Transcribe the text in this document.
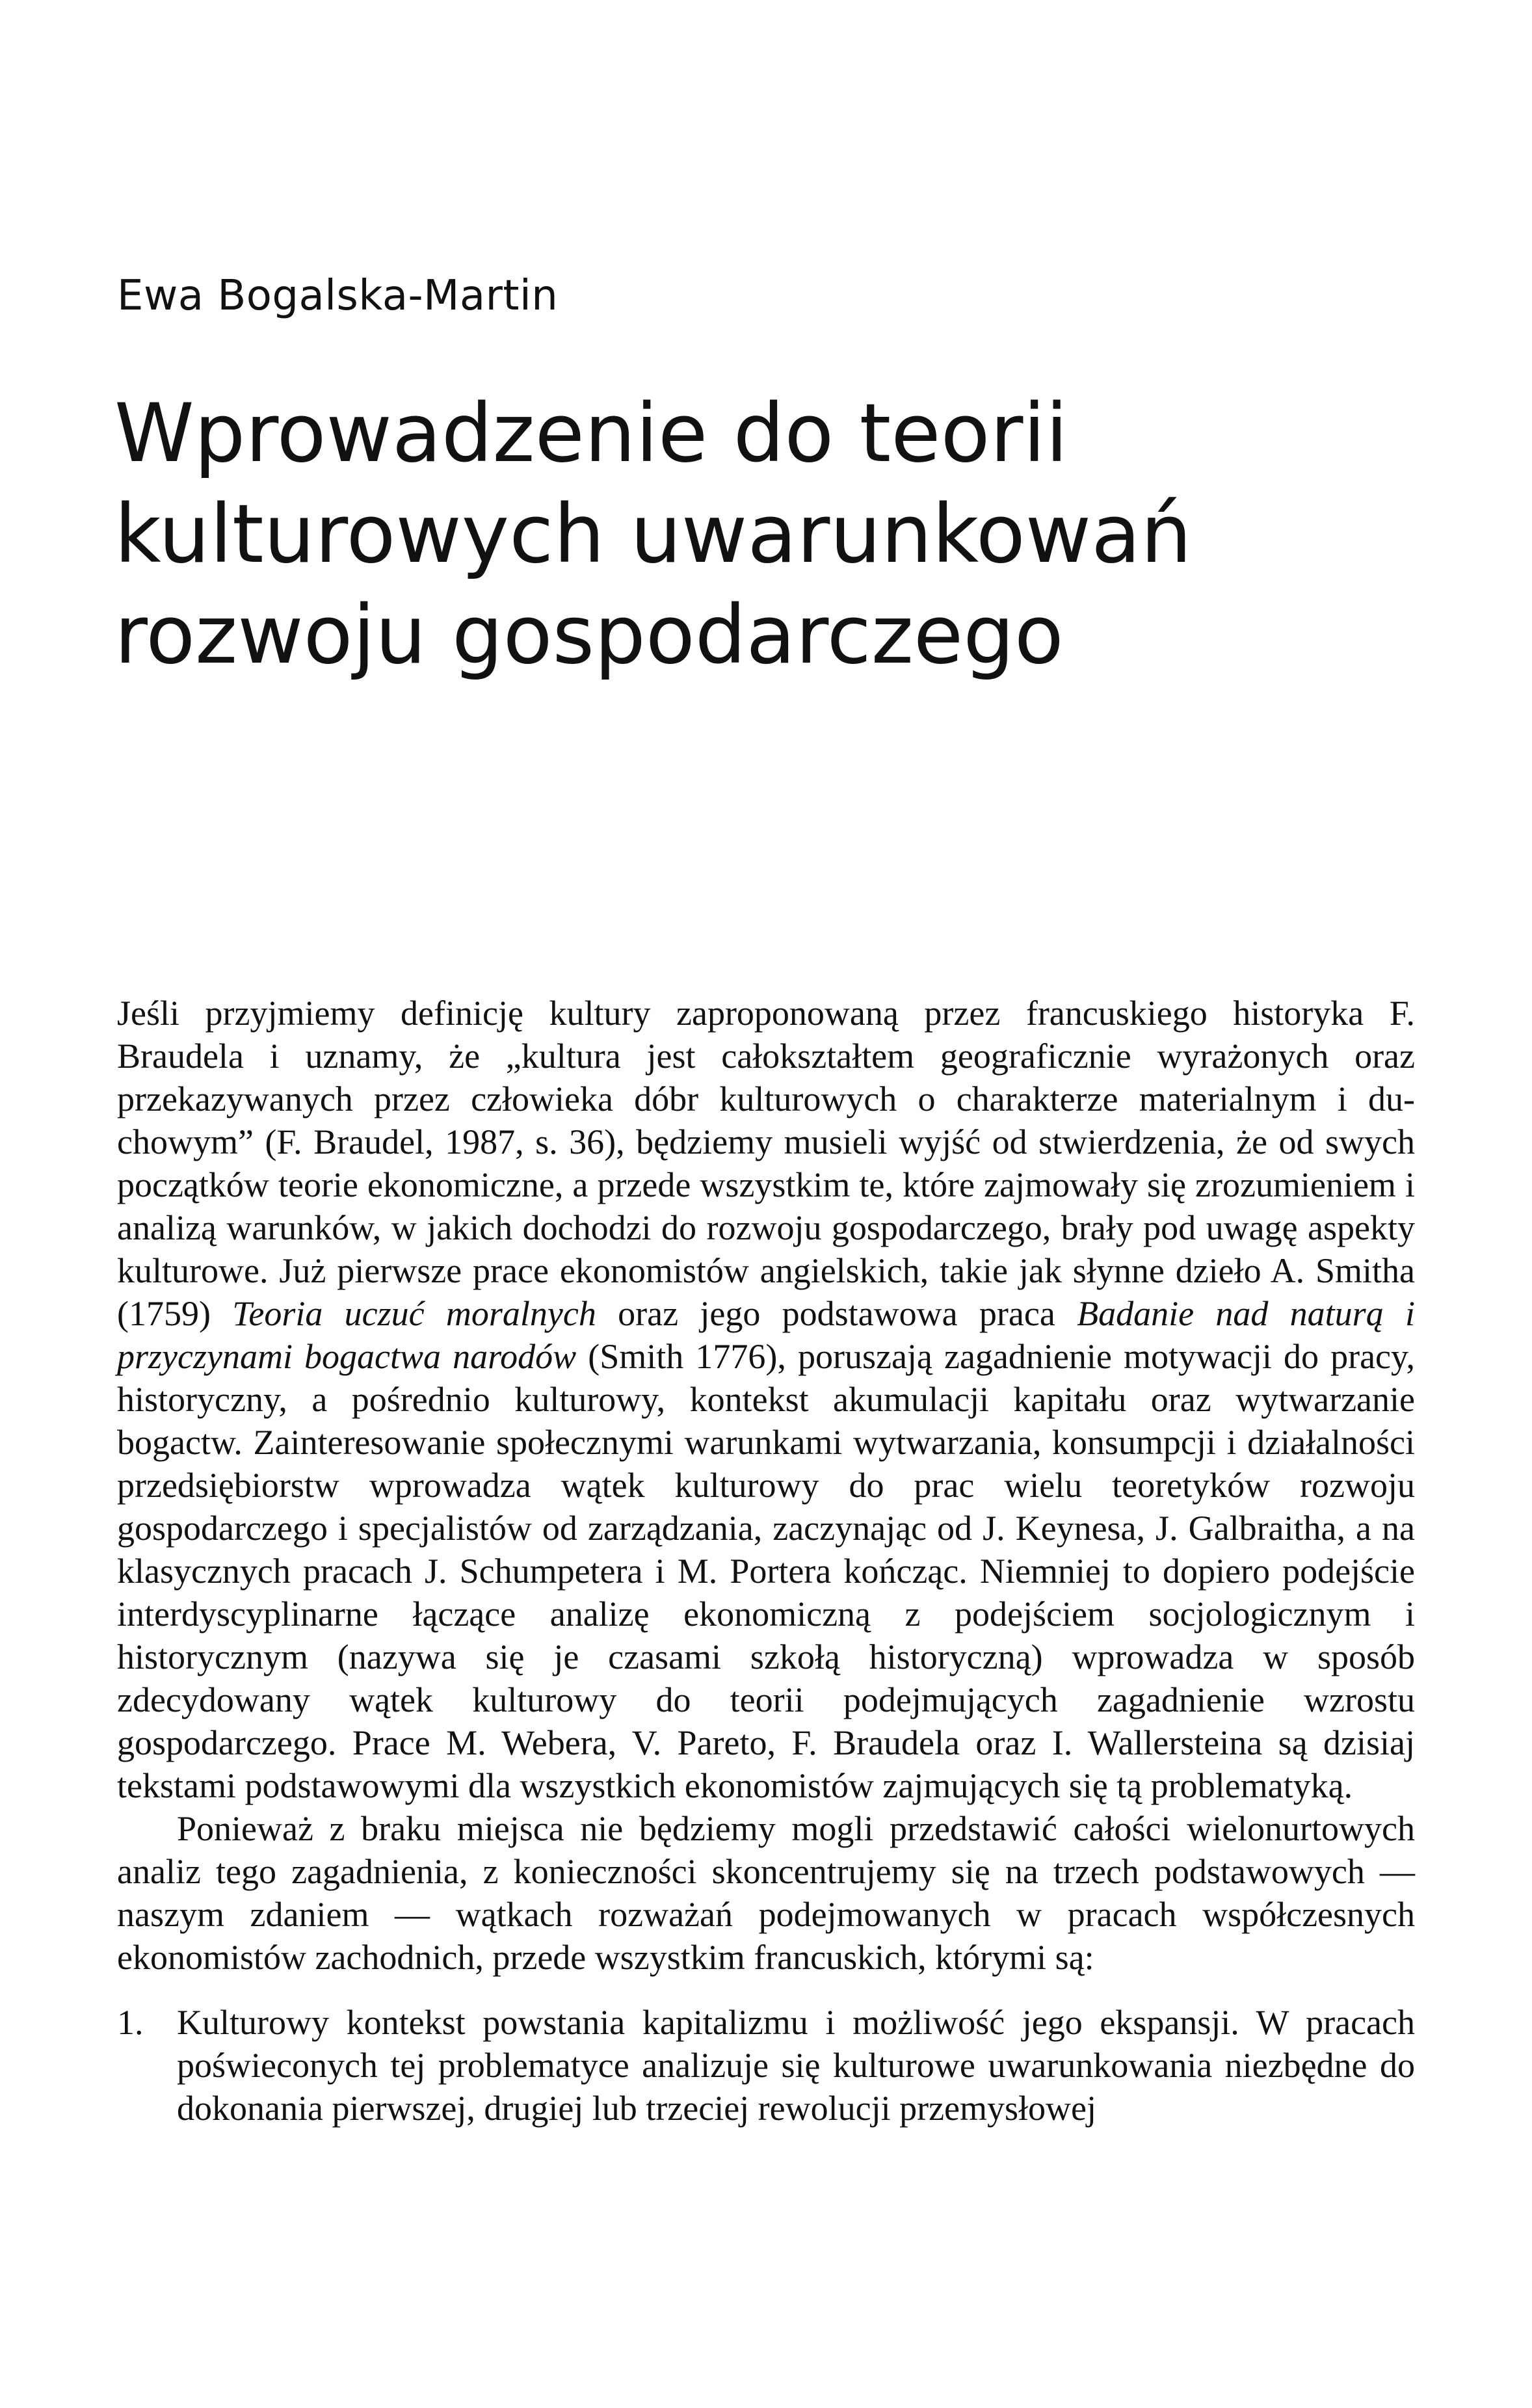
Ewa Bogalska-Martin

Wprowadzenie do teorii
kulturowych uwarunkowań
rozwoju gospodarczego

Jeśli przyjmiemy definicję kultury zaproponowaną przez francuskiego historyka F. Braudela i uznamy, że „kultura jest całokształtem geograficznie wyrażonych oraz przekazywanych przez człowieka dóbr kulturowych o charakterze materialnym i duchowym” (F. Braudel, 1987, s. 36), będziemy musieli wyjść od stwierdzenia, że od swych początków teorie ekonomiczne, a przede wszystkim te, które zajmowały się zrozumieniem i analizą warunków, w jakich dochodzi do rozwoju gospodarczego, brały pod uwagę aspekty kulturowe. Już pierwsze prace ekonomistów angielskich, takie jak słynne dzieło A. Smitha (1759) Teoria uczuć moralnych oraz jego podstawowa praca Badanie nad naturą i przyczynami bogactwa narodów (Smith 1776), poruszają zagadnienie motywacji do pracy, historyczny, a pośrednio kulturowy, kontekst akumulacji kapitału oraz wytwarzanie bogactw. Zainteresowanie społecznymi warunkami wytwarzania, konsumpcji i działalności przedsiębiorstw wprowadza wątek kulturowy do prac wielu teoretyków rozwoju gospodarczego i specjalistów od zarządzania, zaczynając od J. Keynesa, J. Galbraitha, a na klasycznych pracach J. Schumpetera i M. Portera kończąc. Niemniej to dopiero podejście interdyscyplinarne łączące analizę ekonomiczną z podejściem socjologicznym i historycznym (nazywa się je czasami szkołą historyczną) wprowadza w sposób zdecydowany wątek kulturowy do teorii podejmujących zagadnienie wzrostu gospodarczego. Prace M. Webera, V. Pareto, F. Braudela oraz I. Wallersteina są dzisiaj tekstami podstawowymi dla wszystkich ekonomistów zajmujących się tą problematyką.

Ponieważ z braku miejsca nie będziemy mogli przedstawić całości wielonurtowych analiz tego zagadnienia, z konieczności skoncentrujemy się na trzech podstawowych — naszym zdaniem — wątkach rozważań podejmowanych w pracach współczesnych ekonomistów zachodnich, przede wszystkim francuskich, którymi są:

1. Kulturowy kontekst powstania kapitalizmu i możliwość jego ekspansji. W pracach poświeconych tej problematyce analizuje się kulturowe uwarunkowania niezbędne do dokonania pierwszej, drugiej lub trzeciej rewolucji przemysłowej
